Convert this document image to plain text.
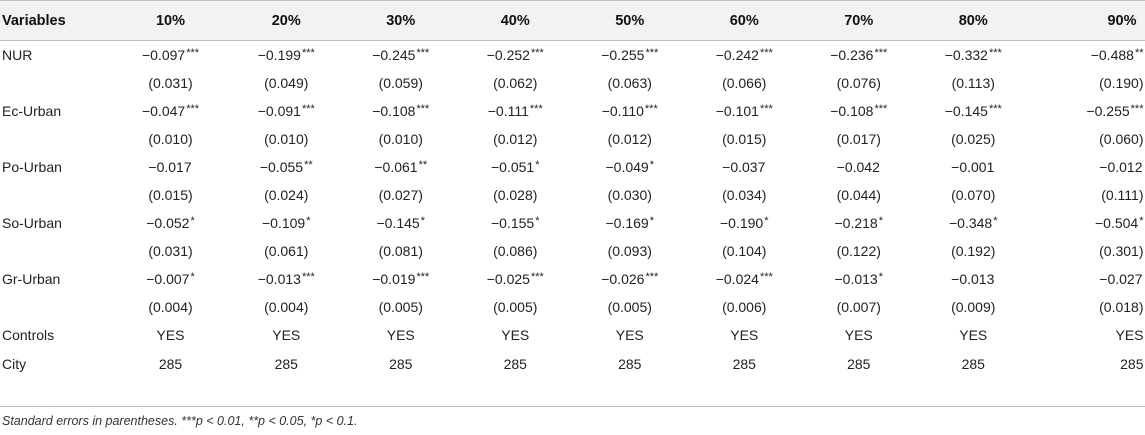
Variables	10%	20%	30%	40%	50%	60%	70%	80%	90%
NUR	−0.097***	−0.199***	−0.245***	−0.252***	−0.255***	−0.242***	−0.236***	−0.332***	−0.488**
	(0.031)	(0.049)	(0.059)	(0.062)	(0.063)	(0.066)	(0.076)	(0.113)	(0.190)
Ec-Urban	−0.047***	−0.091***	−0.108***	−0.111***	−0.110***	−0.101***	−0.108***	−0.145***	−0.255***
	(0.010)	(0.010)	(0.010)	(0.012)	(0.012)	(0.015)	(0.017)	(0.025)	(0.060)
Po-Urban	−0.017	−0.055**	−0.061**	−0.051*	−0.049*	−0.037	−0.042	−0.001	−0.012
	(0.015)	(0.024)	(0.027)	(0.028)	(0.030)	(0.034)	(0.044)	(0.070)	(0.111)
So-Urban	−0.052*	−0.109*	−0.145*	−0.155*	−0.169*	−0.190*	−0.218*	−0.348*	−0.504*
	(0.031)	(0.061)	(0.081)	(0.086)	(0.093)	(0.104)	(0.122)	(0.192)	(0.301)
Gr-Urban	−0.007*	−0.013***	−0.019***	−0.025***	−0.026***	−0.024***	−0.013*	−0.013	−0.027
	(0.004)	(0.004)	(0.005)	(0.005)	(0.005)	(0.006)	(0.007)	(0.009)	(0.018)
Controls	YES	YES	YES	YES	YES	YES	YES	YES	YES
City	285	285	285	285	285	285	285	285	285
Standard errors in parentheses. ***p < 0.01, **p < 0.05, *p < 0.1.
